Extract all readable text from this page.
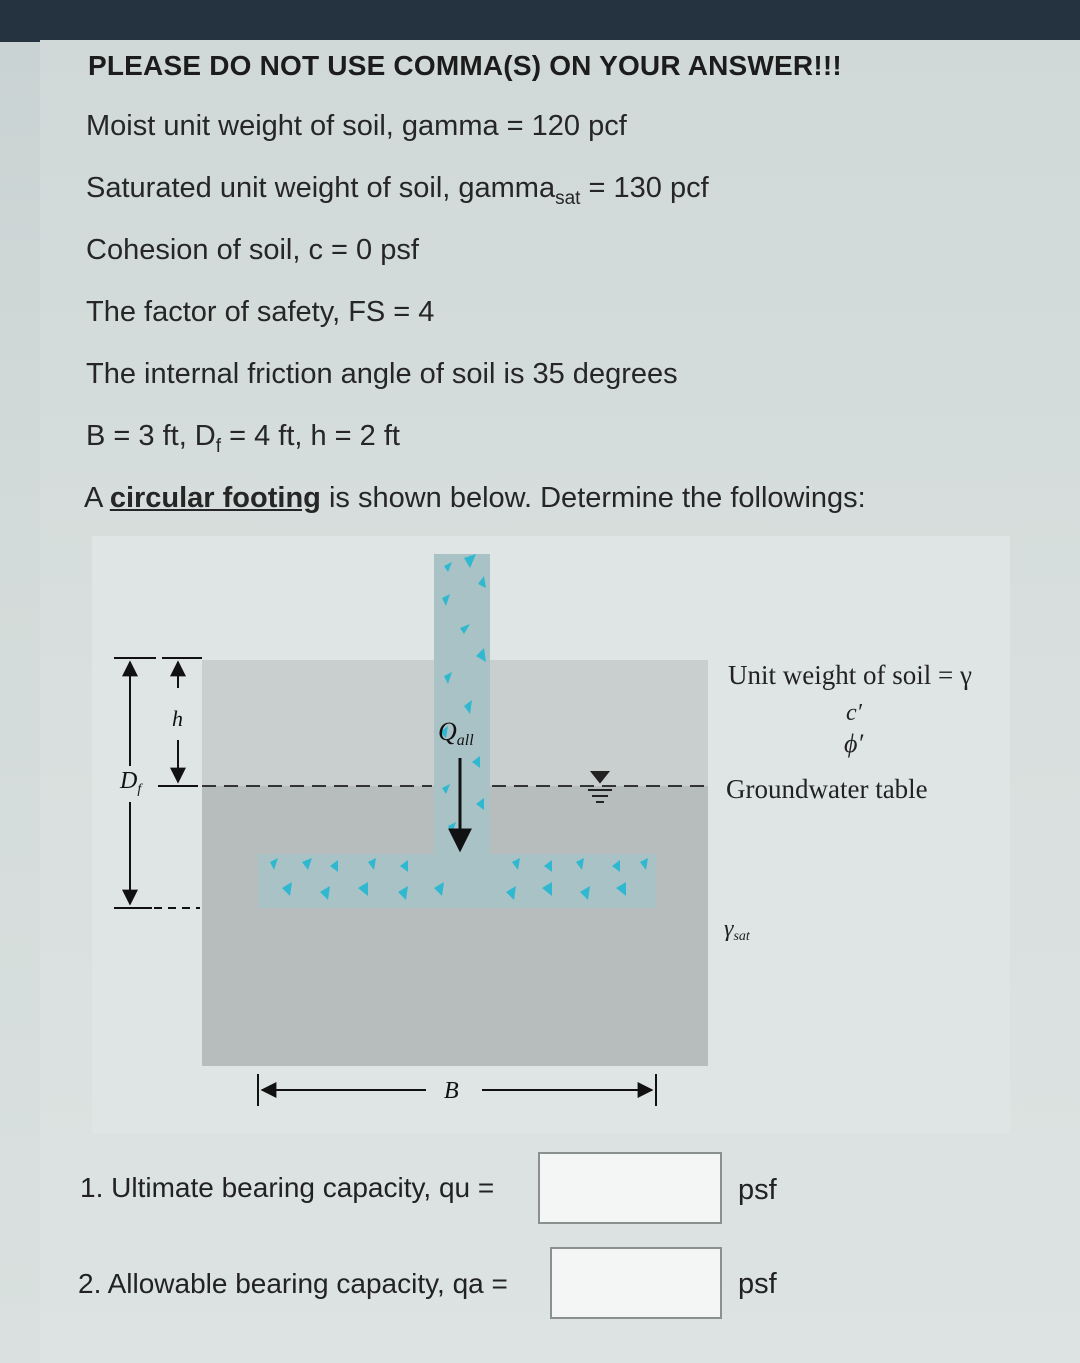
PLEASE DO NOT USE COMMA(S) ON YOUR ANSWER!!!
Moist unit weight of soil, gamma = 120 pcf
Saturated unit weight of soil, gamma$_{sat}$ = 130 pcf
Cohesion of soil, c = 0 psf
The factor of safety, FS = 4
The internal friction angle of soil is 35 degrees
B = 3 ft, $D_f = 4$ ft, h = 2 ft
A circular footing is shown below. Determine the followings:
Qall
$D_f$
h
B
Unit weight of soil = γ
c′
ϕ′
Groundwater table
γsat
1. Ultimate bearing capacity, qu =	psf
2. Allowable bearing capacity, qa =	psf
